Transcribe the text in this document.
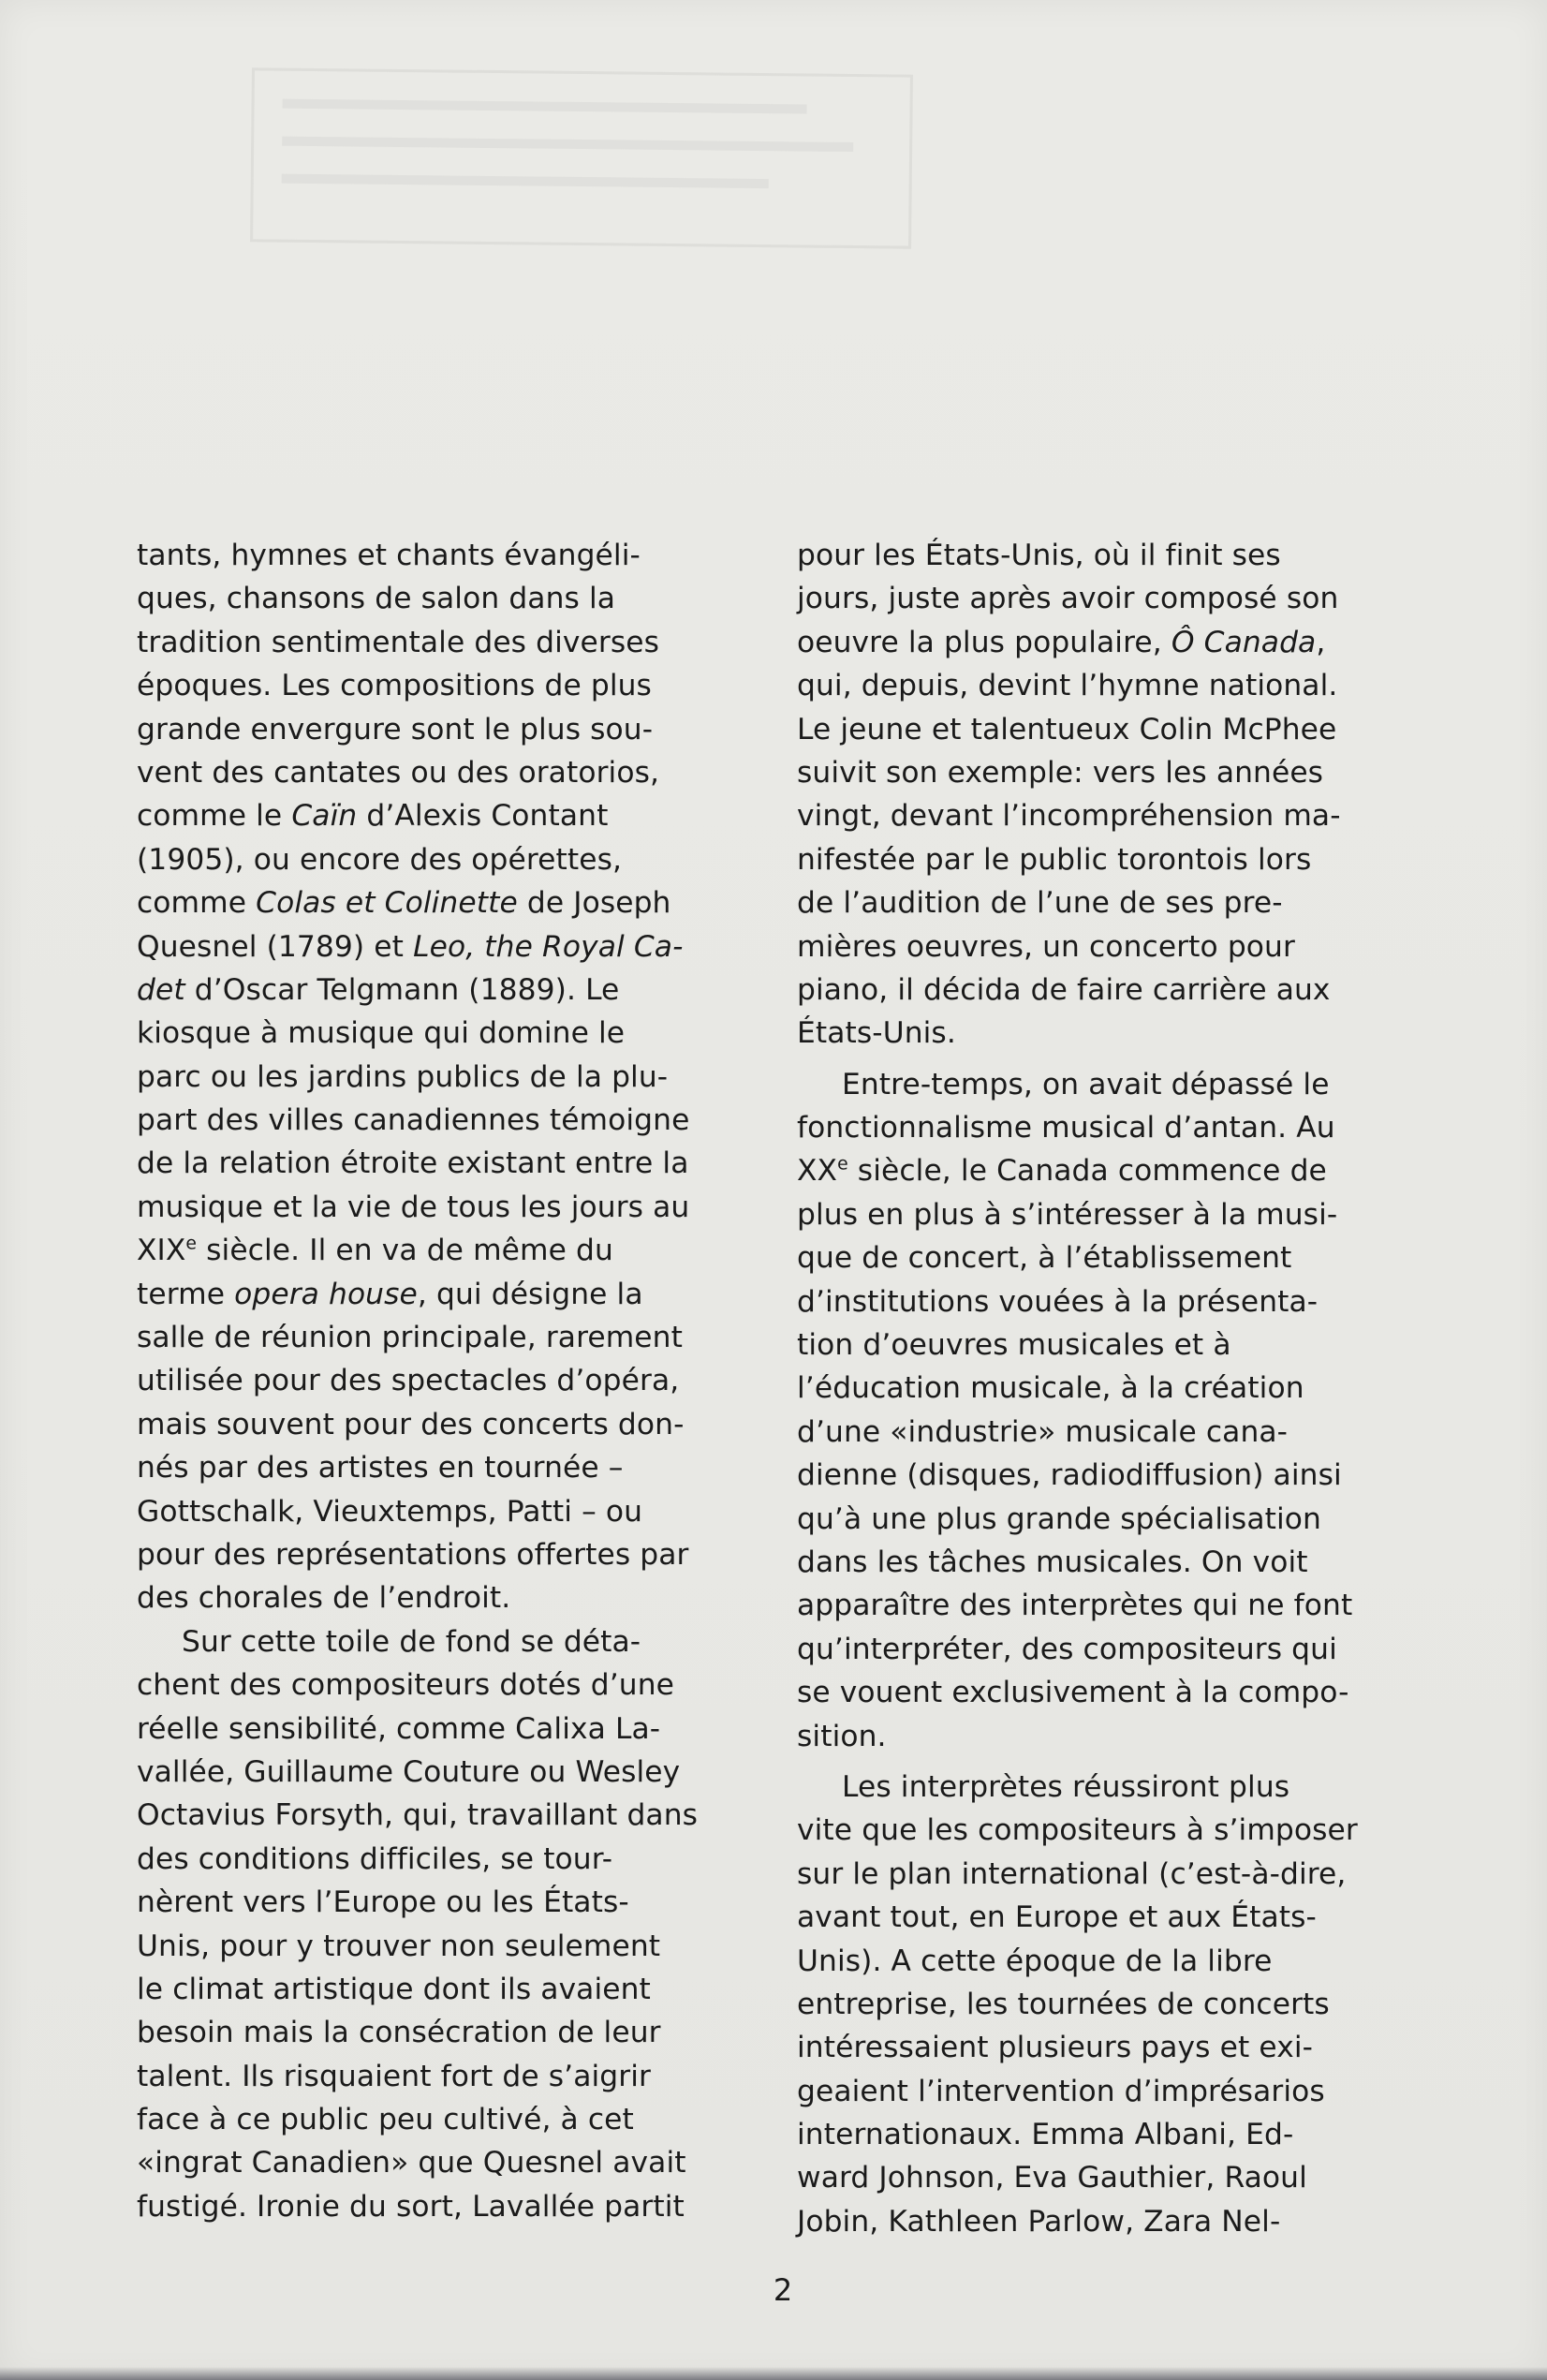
tants, hymnes et chants évangéli-
ques, chansons de salon dans la
tradition sentimentale des diverses
époques. Les compositions de plus
grande envergure sont le plus sou-
vent des cantates ou des oratorios,
comme le Caïn d’Alexis Contant
(1905), ou encore des opérettes,
comme Colas et Colinette de Joseph
Quesnel (1789) et Leo, the Royal Ca-
det d’Oscar Telgmann (1889). Le
kiosque à musique qui domine le
parc ou les jardins publics de la plu-
part des villes canadiennes témoigne
de la relation étroite existant entre la
musique et la vie de tous les jours au
XIXe siècle. Il en va de même du
terme opera house, qui désigne la
salle de réunion principale, rarement
utilisée pour des spectacles d’opéra,
mais souvent pour des concerts don-
nés par des artistes en tournée –
Gottschalk, Vieuxtemps, Patti – ou
pour des représentations offertes par
des chorales de l’endroit.
Sur cette toile de fond se déta-
chent des compositeurs dotés d’une
réelle sensibilité, comme Calixa La-
vallée, Guillaume Couture ou Wesley
Octavius Forsyth, qui, travaillant dans
des conditions difficiles, se tour-
nèrent vers l’Europe ou les États-
Unis, pour y trouver non seulement
le climat artistique dont ils avaient
besoin mais la consécration de leur
talent. Ils risquaient fort de s’aigrir
face à ce public peu cultivé, à cet
«ingrat Canadien» que Quesnel avait
fustigé. Ironie du sort, Lavallée partit
pour les États-Unis, où il finit ses
jours, juste après avoir composé son
oeuvre la plus populaire, Ô Canada,
qui, depuis, devint l’hymne national.
Le jeune et talentueux Colin McPhee
suivit son exemple: vers les années
vingt, devant l’incompréhension ma-
nifestée par le public torontois lors
de l’audition de l’une de ses pre-
mières oeuvres, un concerto pour
piano, il décida de faire carrière aux
États-Unis.
Entre-temps, on avait dépassé le
fonctionnalisme musical d’antan. Au
XXe siècle, le Canada commence de
plus en plus à s’intéresser à la musi-
que de concert, à l’établissement
d’institutions vouées à la présenta-
tion d’oeuvres musicales et à
l’éducation musicale, à la création
d’une «industrie» musicale cana-
dienne (disques, radiodiffusion) ainsi
qu’à une plus grande spécialisation
dans les tâches musicales. On voit
apparaître des interprètes qui ne font
qu’interpréter, des compositeurs qui
se vouent exclusivement à la compo-
sition.
Les interprètes réussiront plus
vite que les compositeurs à s’imposer
sur le plan international (c’est-à-dire,
avant tout, en Europe et aux États-
Unis). A cette époque de la libre
entreprise, les tournées de concerts
intéressaient plusieurs pays et exi-
geaient l’intervention d’imprésarios
internationaux. Emma Albani, Ed-
ward Johnson, Eva Gauthier, Raoul
Jobin, Kathleen Parlow, Zara Nel-
2
